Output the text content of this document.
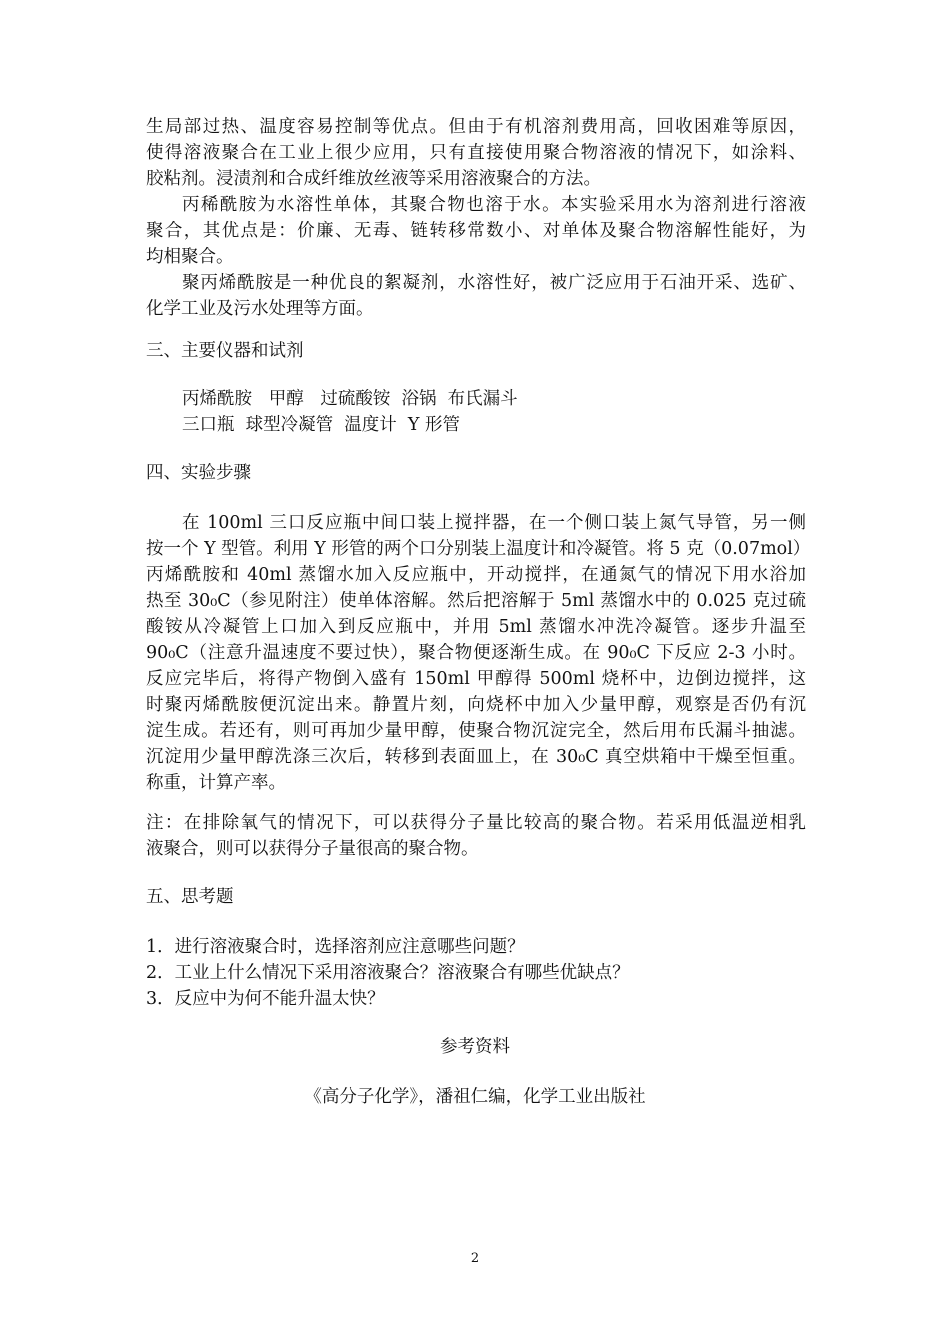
生局部过热、温度容易控制等优点。但由于有机溶剂费用高，回收困难等原因，
使得溶液聚合在工业上很少应用，只有直接使用聚合物溶液的情况下，如涂料、
胶粘剂。浸渍剂和合成纤维放丝液等采用溶液聚合的方法。
丙稀酰胺为水溶性单体，其聚合物也溶于水。本实验采用水为溶剂进行溶液
聚合，其优点是：价廉、无毒、链转移常数小、对单体及聚合物溶解性能好，为
均相聚合。
聚丙烯酰胺是一种优良的絮凝剂，水溶性好，被广泛应用于石油开采、选矿、
化学工业及污水处理等方面。
三、主要仪器和试剂
丙烯酰胺   甲醇   过硫酸铵  浴锅  布氏漏斗
三口瓶  球型冷凝管  温度计  Y 形管
四、实验步骤
在 100ml 三口反应瓶中间口装上搅拌器，在一个侧口装上氮气导管，另一侧
按一个 Y 型管。利用 Y 形管的两个口分别装上温度计和冷凝管。将 5 克（0.07mol）
丙烯酰胺和 40ml 蒸馏水加入反应瓶中，开动搅拌，在通氮气的情况下用水浴加
热至 30₀C（参见附注）使单体溶解。然后把溶解于 5ml 蒸馏水中的 0.025 克过硫
酸铵从冷凝管上口加入到反应瓶中，并用 5ml 蒸馏水冲洗冷凝管。逐步升温至
90₀C（注意升温速度不要过快），聚合物便逐渐生成。在 90₀C 下反应 2-3 小时。
反应完毕后，将得产物倒入盛有 150ml 甲醇得 500ml 烧杯中，边倒边搅拌，这
时聚丙烯酰胺便沉淀出来。静置片刻，向烧杯中加入少量甲醇，观察是否仍有沉
淀生成。若还有，则可再加少量甲醇，使聚合物沉淀完全，然后用布氏漏斗抽滤。
沉淀用少量甲醇洗涤三次后，转移到表面皿上，在 30₀C 真空烘箱中干燥至恒重。
称重，计算产率。
注：在排除氧气的情况下，可以获得分子量比较高的聚合物。若采用低温逆相乳
液聚合，则可以获得分子量很高的聚合物。
五、思考题
1．进行溶液聚合时，选择溶剂应注意哪些问题？
2．工业上什么情况下采用溶液聚合？溶液聚合有哪些优缺点？
3．反应中为何不能升温太快？
参考资料
《高分子化学》，潘祖仁编，化学工业出版社
2
